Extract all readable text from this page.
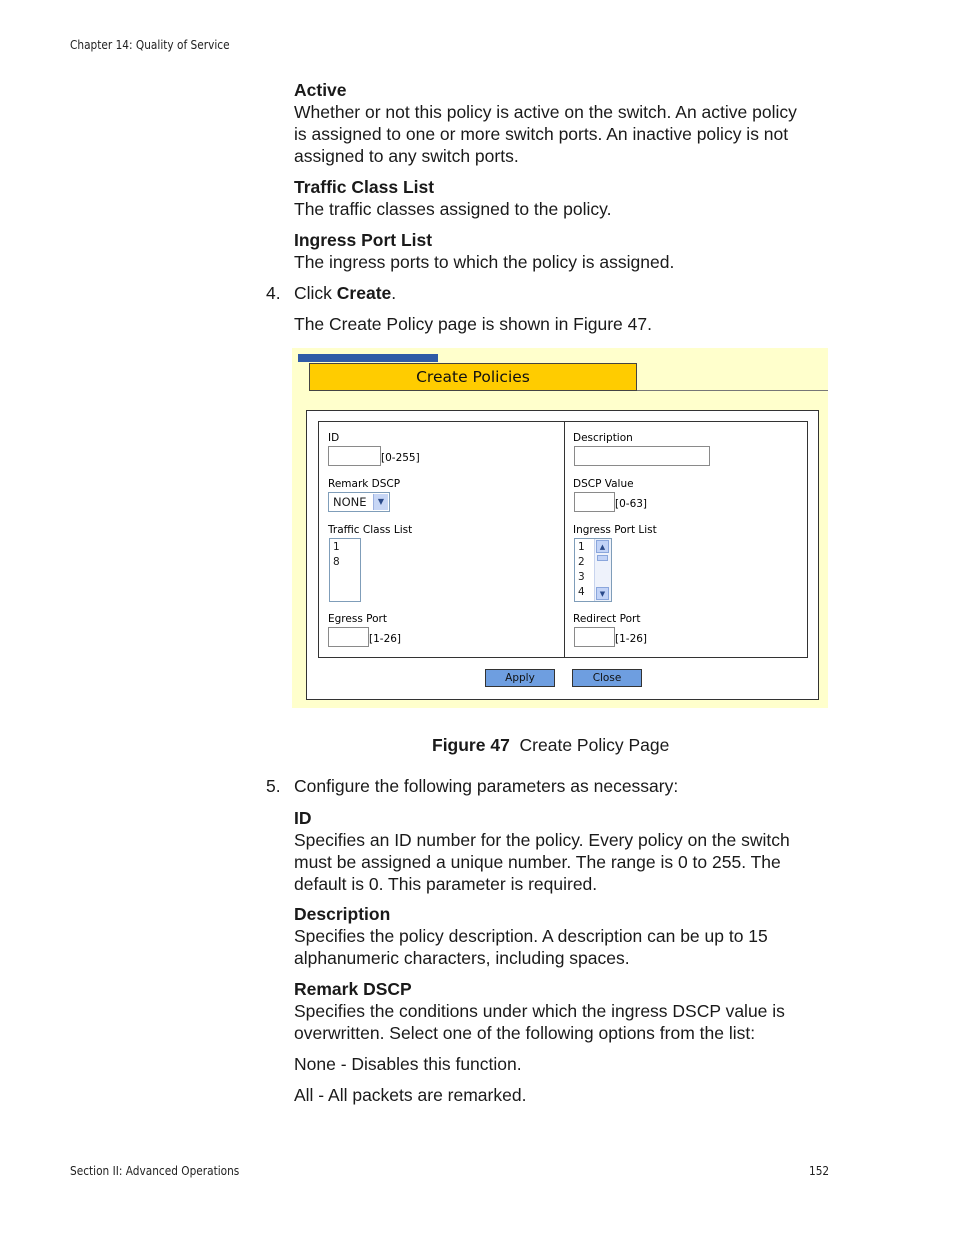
Chapter 14: Quality of Service

Active

Whether or not this policy is active on the switch. An active policy is assigned to one or more switch ports. An inactive policy is not assigned to any switch ports.

Traffic Class List

The traffic classes assigned to the policy.

Ingress Port List

The ingress ports to which the policy is assigned.

4. Click Create.
The Create Policy page is shown in Figure 47.
Create Policies
ID
[0-255]
Remark DSCP
NONE	▼
Traffic Class List
1
8
Egress Port
[1-26]
Description
DSCP Value
[0-63]
Ingress Port List
1
2
3
4
▲
▼
Redirect Port
[1-26]
Apply	Close
Figure 47 Create Policy Page
5. Configure the following parameters as necessary:

ID

Specifies an ID number for the policy. Every policy on the switch must be assigned a unique number. The range is 0 to 255. The default is 0. This parameter is required.

Description

Specifies the policy description. A description can be up to 15 alphanumeric characters, including spaces.

Remark DSCP

Specifies the conditions under which the ingress DSCP value is overwritten. Select one of the following options from the list:

None - Disables this function.
All - All packets are remarked.
Section II: Advanced Operations	152
